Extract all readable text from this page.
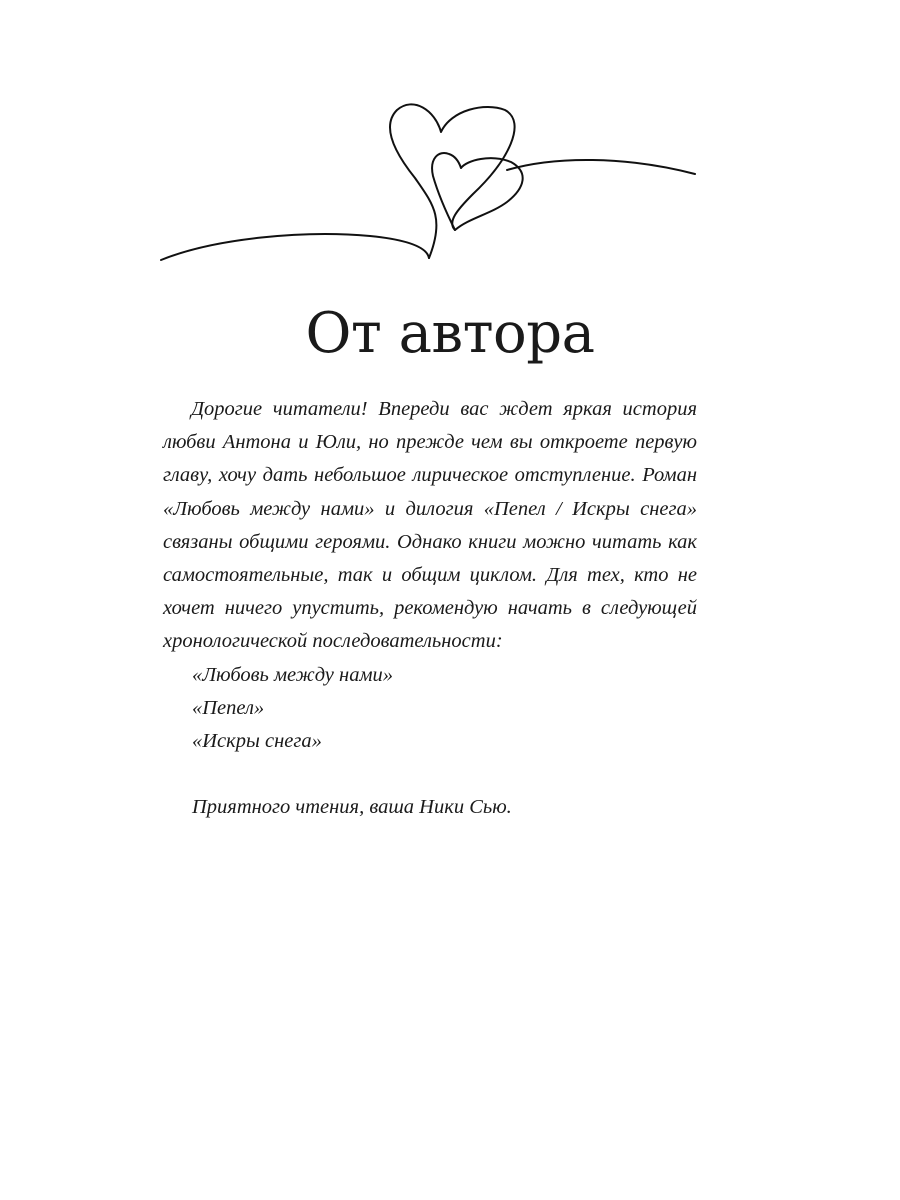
От автора

Дорогие читатели! Впереди вас ждет яркая история любви Антона и Юли, но прежде чем вы откроете первую главу, хочу дать небольшое лирическое отступление. Роман «Любовь между нами» и дилогия «Пепел / Искры снега» связаны общими героями. Однако книги можно читать как самостоятельные, так и общим циклом. Для тех, кто не хочет ничего упустить, рекомендую начать в следующей хронологической последовательности:

«Любовь между нами»

«Пепел»

«Искры снега»

Приятного чтения, ваша Ники Сью.
